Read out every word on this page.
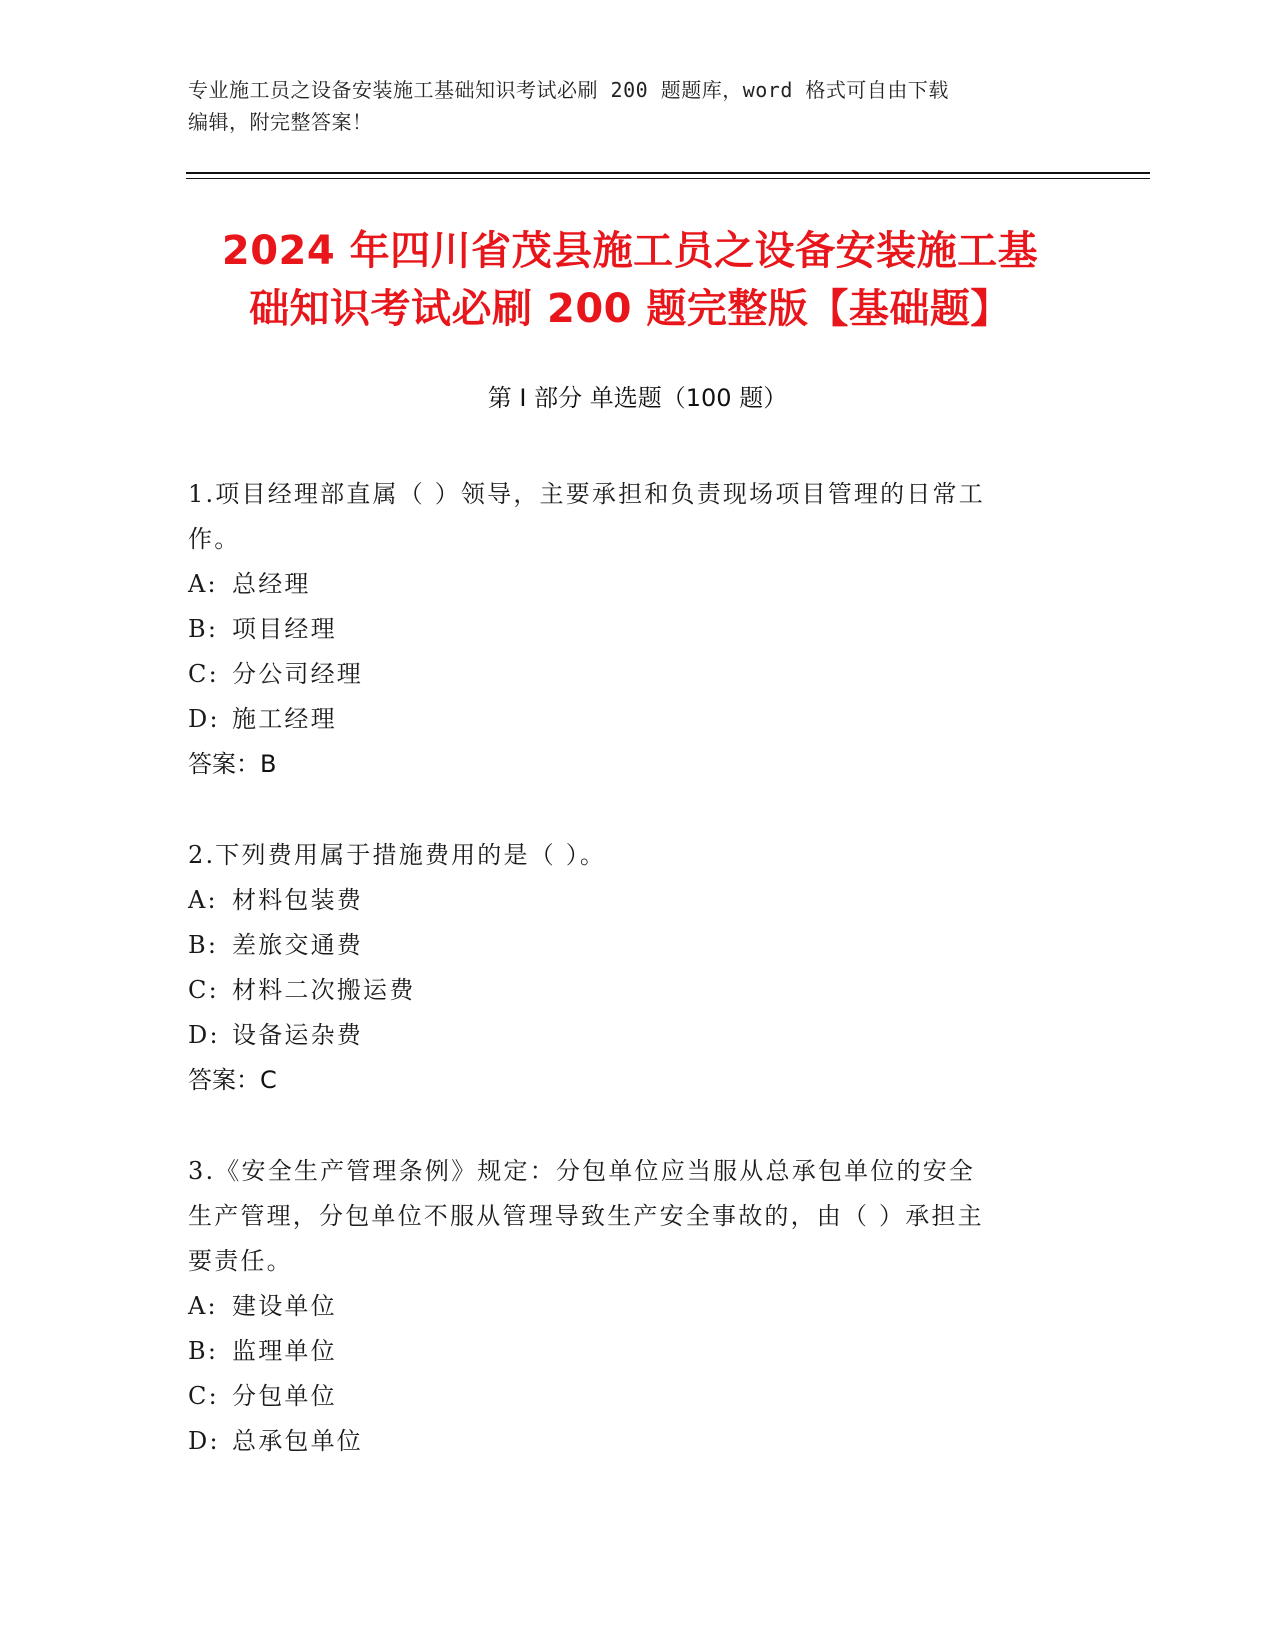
专业施工员之设备安装施工基础知识考试必刷 200 题题库，word 格式可自由下载
编辑，附完整答案！
2024 年四川省茂县施工员之设备安装施工基
础知识考试必刷 200 题完整版【基础题】
第 I 部分 单选题（100 题）

1.项目经理部直属（ ）领导，主要承担和负责现场项目管理的日常工

作。

A: 总经理

B: 项目经理

C: 分公司经理

D: 施工经理

答案：B

2.下列费用属于措施费用的是（ ）。

A: 材料包装费

B: 差旅交通费

C: 材料二次搬运费

D: 设备运杂费

答案：C

3.《安全生产管理条例》规定：分包单位应当服从总承包单位的安全

生产管理，分包单位不服从管理导致生产安全事故的，由（ ）承担主

要责任。

A: 建设单位

B: 监理单位

C: 分包单位

D: 总承包单位
